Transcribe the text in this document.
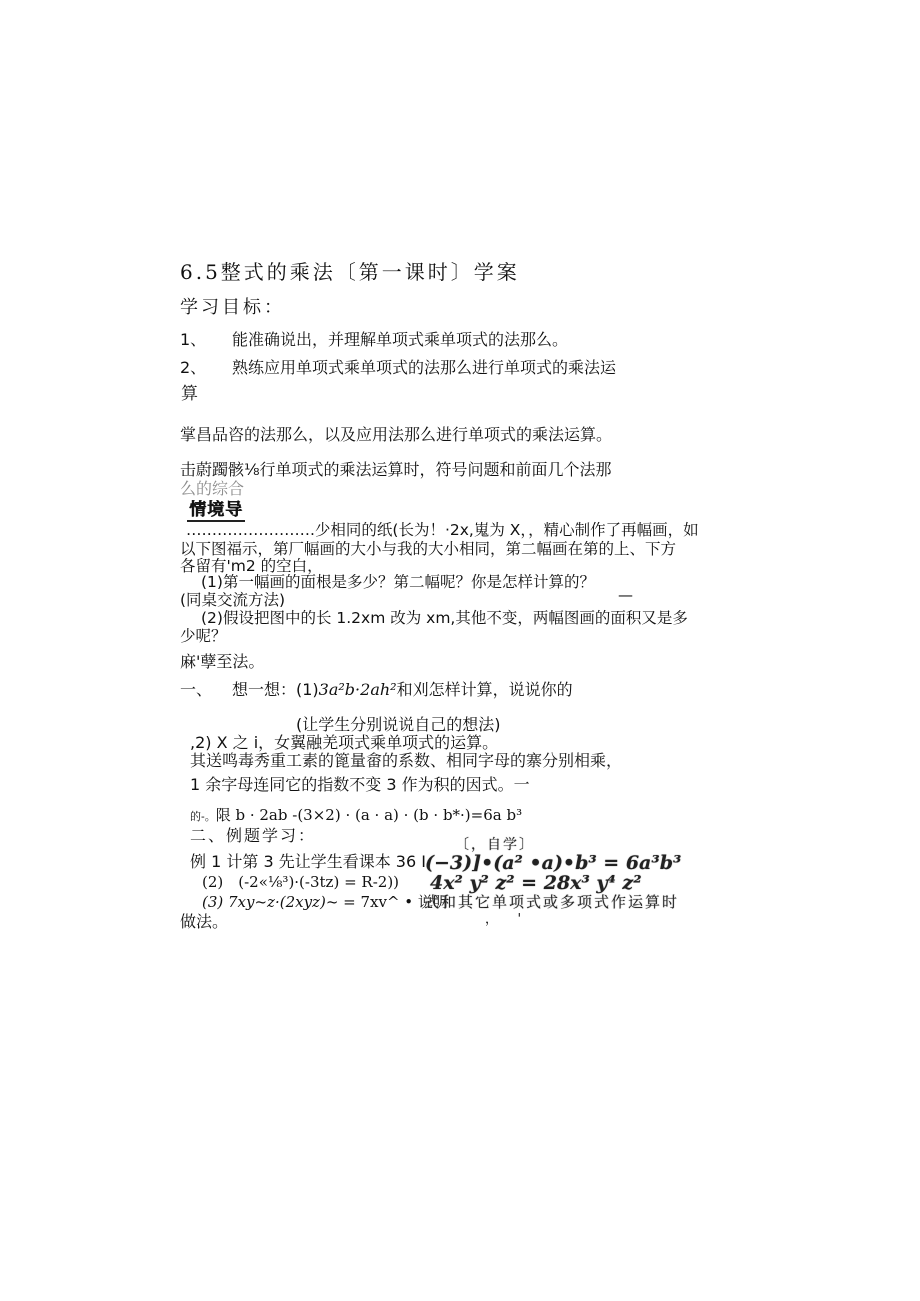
6.5整式的乘法〔第一课时〕学案
学习目标：
1、 能准确说出，并理解单项式乘单项式的法那么。
2、 熟练应用单项式乘单项式的法那么进行单项式的乘法运
算
掌昌品咨的法那么，以及应用法那么进行单项式的乘法运算。
击蔚躅骸⅛行单项式的乘法运算时，符号问题和前面几个法那
么的综合
情境导
…………………….少相同的纸(长为！·2x,嵬为 X，，精心制作了再幅画，如
以下图福示，第厂幅画的大小与我的大小相同，第二幅画在第的上、下方
各留有'm2 的空白，
(1)第一幅画的面根是多少？第二幅呢？你是怎样计算的？
(同桌交流方法)	—
(2)假设把图中的长 1.2xm 改为 xm,其他不变，两幅图画的面积又是多
少呢？
麻'孽至法。
一、 想一想：(1)3a²b·2ah²和刈怎样计算，说说你的
(让学生分别说说自己的想法)
,2) X 之 i，女翼融羌项式乘单项式的运算。
其送鸣毒秀重工素的篦量畲的系数、相同字母的寨分别相乘，
1 余字母连同它的指数不变 3 作为积的因式。一
的-。限 b · 2ab -(3×2) · (a · a) · (b · b*·)=6a b³
二、例题学习：
例 1 计第 3 先让学生看课本 36 I
(2)　(-2«⅛³)·(-3tz) = R-2))
(3) 7xy~z·(2xyz)~ = 7xv^ • 说明
做法。	，　　'
〔，自学〕
(−3)]•(a² •a)•b³ = 6a³b³
4x² y² z² = 28x³ y⁴ z²
式和其它单项式或多项式作运算时
